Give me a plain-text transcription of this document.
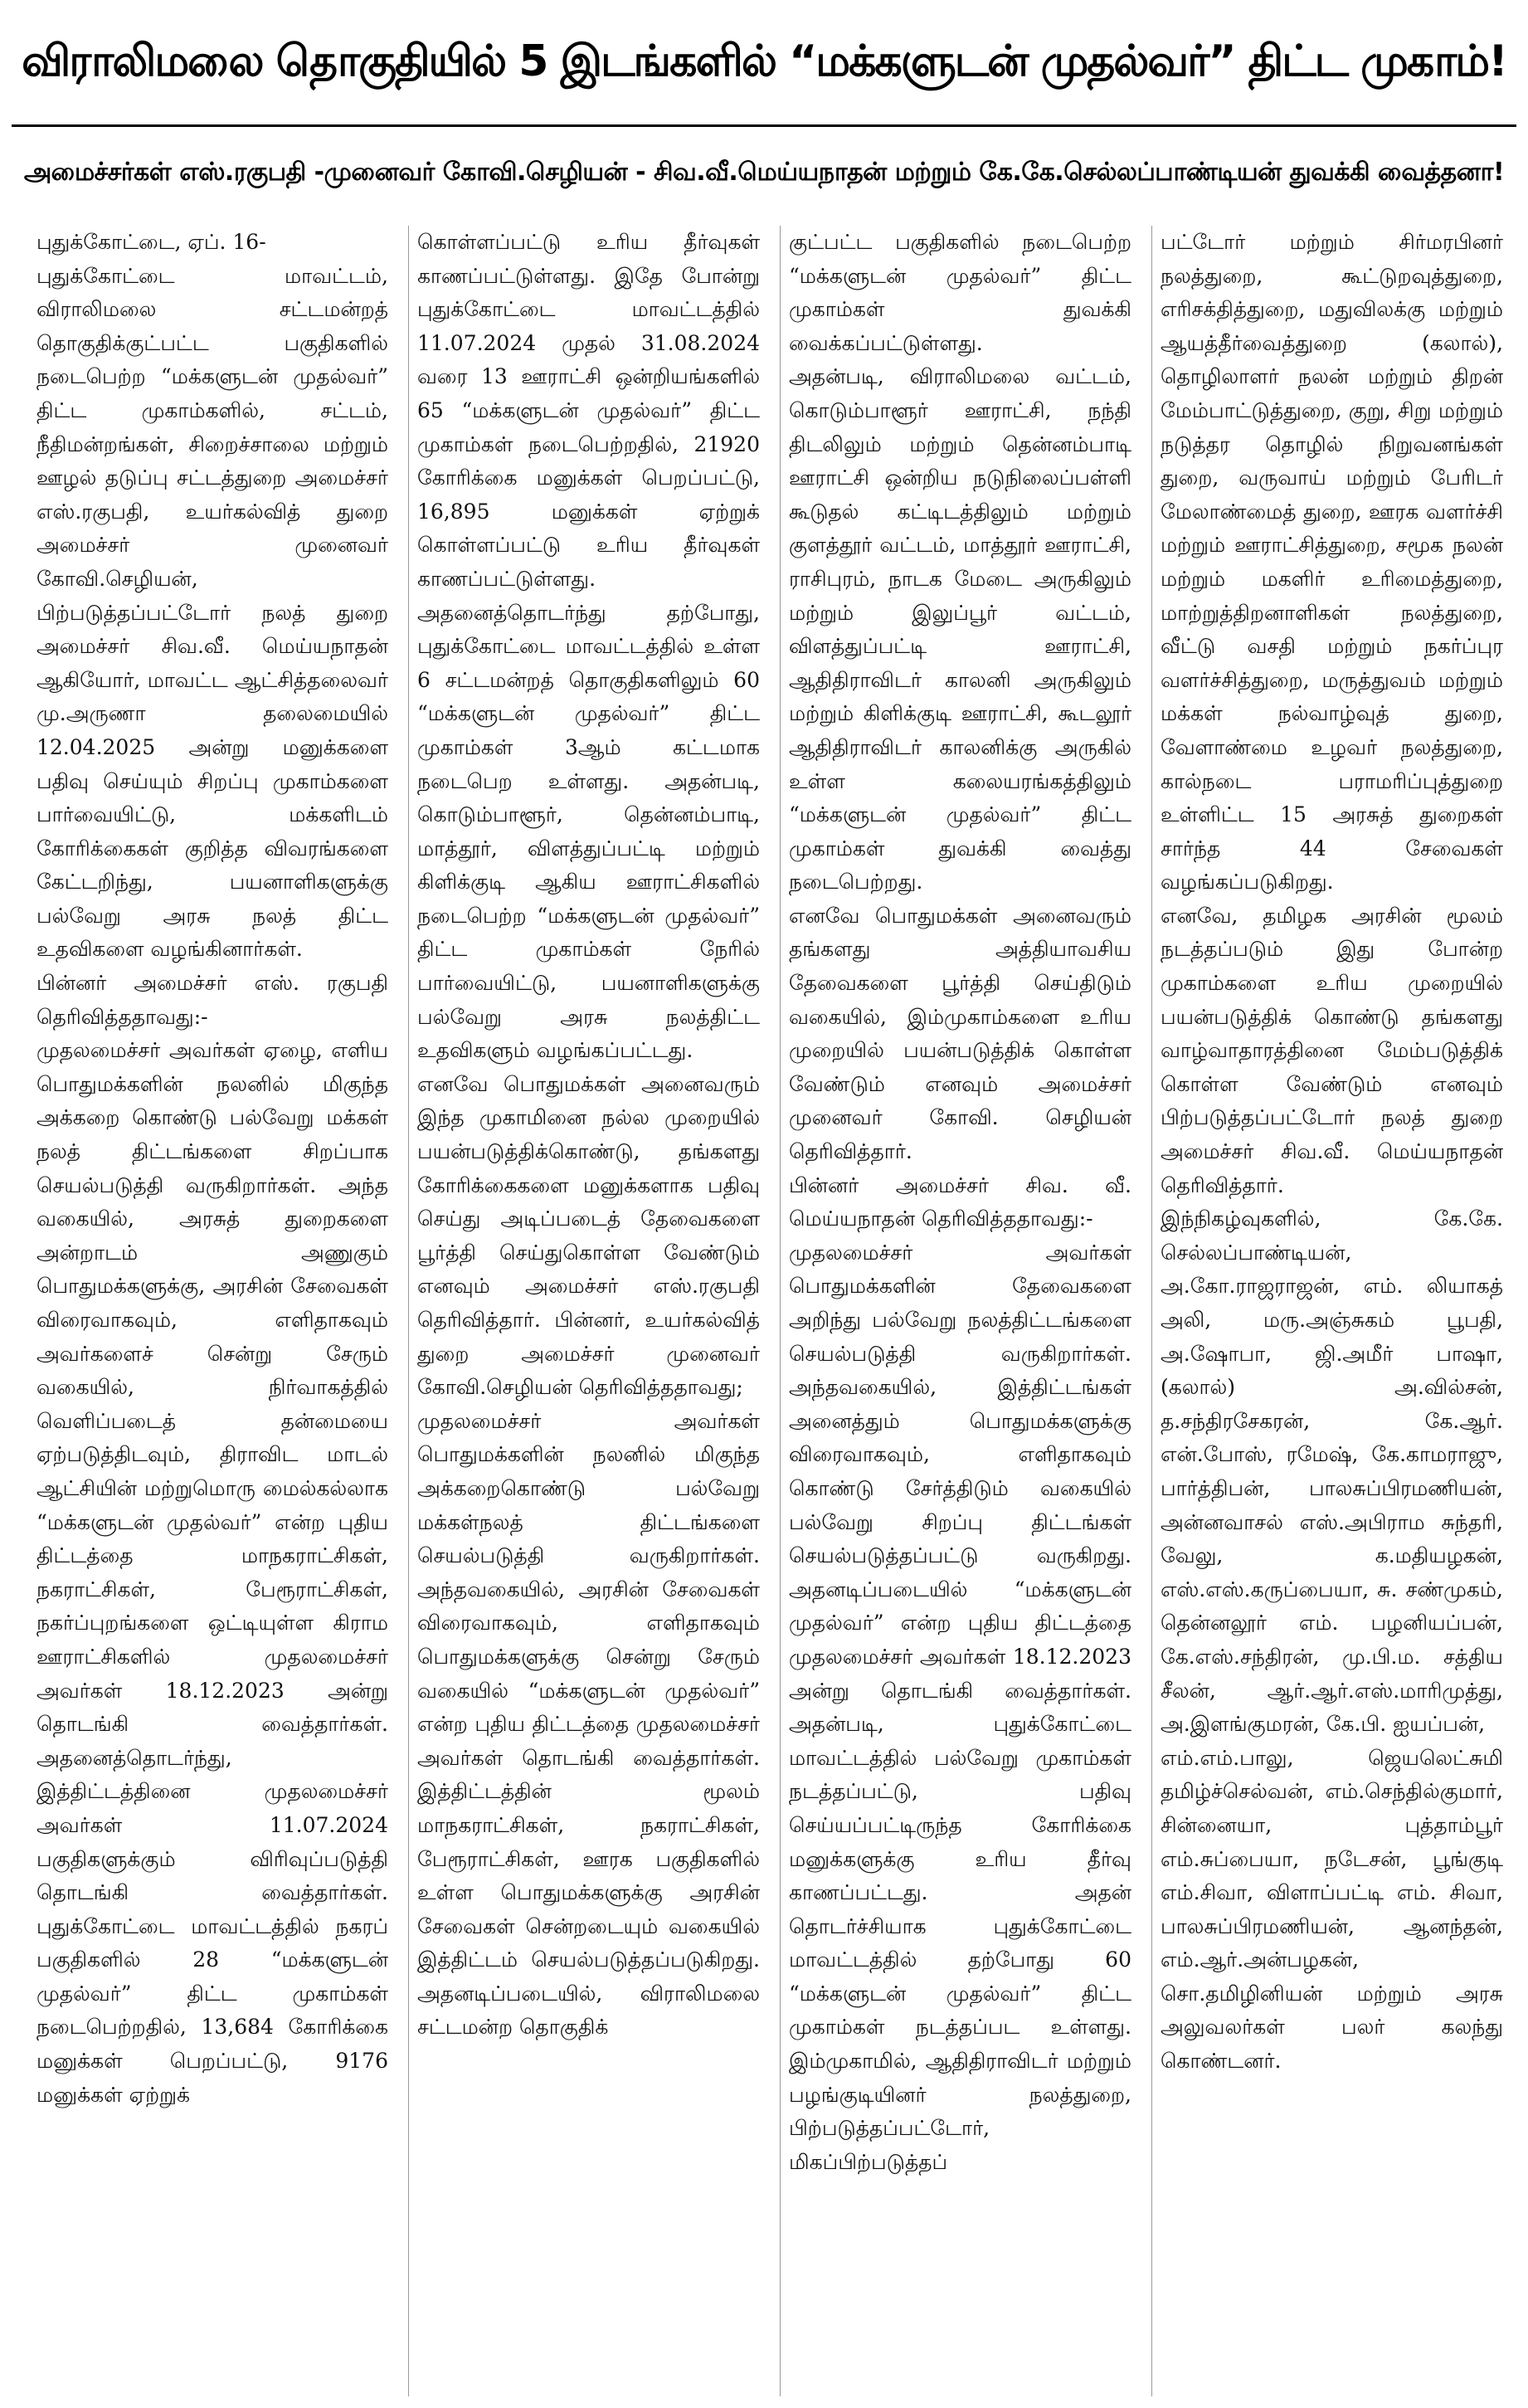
விராலிமலை தொகுதியில் 5 இடங்களில் “மக்களுடன் முதல்வர்” திட்ட முகாம்!
அமைச்சர்கள் எஸ்.ரகுபதி -முனைவர் கோவி.செழியன் - சிவ.வீ.மெய்யநாதன் மற்றும் கே.கே.செல்லப்பாண்டியன் துவக்கி வைத்தனா!

புதுக்கோட்டை, ஏப். 16-

புதுக்கோட்டை மாவட்டம், விராலிமலை சட்டமன்றத் தொகுதிக்குட்பட்ட பகுதிகளில் நடைபெற்ற “மக்களுடன் முதல்வர்” திட்ட முகாம்களில், சட்டம், நீதிமன்றங்கள், சிறைச்சாலை மற்றும் ஊழல் தடுப்பு சட்டத்துறை அமைச்சர் எஸ்.ரகுபதி, உயர்கல்வித் துறை அமைச்சர் முனைவர் கோவி.செழியன், பிற்படுத்தப்பட்டோர் நலத் துறை அமைச்சர் சிவ.வீ. மெய்யநாதன் ஆகியோர், மாவட்ட ஆட்சித்தலைவர் மு.அருணா தலைமையில் 12.04.2025 அன்று மனுக்களை பதிவு செய்யும் சிறப்பு முகாம்களை பார்வையிட்டு, மக்களிடம் கோரிக்கைகள் குறித்த விவரங்களை கேட்டறிந்து, பயனாளிகளுக்கு பல்வேறு அரசு நலத் திட்ட உதவிகளை வழங்கினார்கள்.

பின்னர் அமைச்சர் எஸ். ரகுபதி தெரிவித்ததாவது:-

முதலமைச்சர் அவர்கள் ஏழை, எளிய பொதுமக்களின் நலனில் மிகுந்த அக்கறை கொண்டு பல்வேறு மக்கள் நலத் திட்டங்களை சிறப்பாக செயல்படுத்தி வருகிறார்கள். அந்த வகையில், அரசுத் துறைகளை அன்றாடம் அணுகும் பொதுமக்களுக்கு, அரசின் சேவைகள் விரைவாகவும், எளிதாகவும் அவர்களைச் சென்று சேரும் வகையில், நிர்வாகத்தில் வெளிப்படைத் தன்மையை ஏற்படுத்திடவும், திராவிட மாடல் ஆட்சியின் மற்றுமொரு மைல்கல்லாக “மக்களுடன் முதல்வர்” என்ற புதிய திட்டத்தை மாநகராட்சிகள், நகராட்சிகள், பேரூராட்சிகள், நகர்ப்புறங்களை ஒட்டியுள்ள கிராம ஊராட்சிகளில் முதலமைச்சர் அவர்கள் 18.12.2023 அன்று தொடங்கி வைத்தார்கள். அதனைத்தொடர்ந்து, இத்திட்டத்தினை முதலமைச்சர் அவர்கள் 11.07.2024 பகுதிகளுக்கும் விரிவுப்படுத்தி தொடங்கி வைத்தார்கள். புதுக்கோட்டை மாவட்டத்தில் நகரப் பகுதிகளில் 28 “மக்களுடன் முதல்வர்” திட்ட முகாம்கள் நடைபெற்றதில், 13,684 கோரிக்கை மனுக்கள் பெறப்பட்டு, 9176 மனுக்கள் ஏற்றுக்

கொள்ளப்பட்டு உரிய தீர்வுகள் காணப்பட்டுள்ளது. இதே போன்று புதுக்கோட்டை மாவட்டத்தில் 11.07.2024 முதல் 31.08.2024 வரை 13 ஊராட்சி ஒன்றியங்களில் 65 “மக்களுடன் முதல்வர்” திட்ட முகாம்கள் நடைபெற்றதில், 21920 கோரிக்கை மனுக்கள் பெறப்பட்டு, 16,895 மனுக்கள் ஏற்றுக் கொள்ளப்பட்டு உரிய தீர்வுகள் காணப்பட்டுள்ளது.

அதனைத்தொடர்ந்து தற்போது, புதுக்கோட்டை மாவட்டத்தில் உள்ள 6 சட்டமன்றத் தொகுதிகளிலும் 60 “மக்களுடன் முதல்வர்” திட்ட முகாம்கள் 3ஆம் கட்டமாக நடைபெற உள்ளது. அதன்படி, கொடும்பாளூர், தென்னம்பாடி, மாத்தூர், விளத்துப்பட்டி மற்றும் கிளிக்குடி ஆகிய ஊராட்சிகளில் நடைபெற்ற “மக்களுடன் முதல்வர்” திட்ட முகாம்கள் நேரில் பார்வையிட்டு, பயனாளிகளுக்கு பல்வேறு அரசு நலத்திட்ட உதவிகளும் வழங்கப்பட்டது.

எனவே பொதுமக்கள் அனைவரும் இந்த முகாமினை நல்ல முறையில் பயன்படுத்திக்கொண்டு, தங்களது கோரிக்கைகளை மனுக்களாக பதிவு செய்து அடிப்படைத் தேவைகளை பூர்த்தி செய்துகொள்ள வேண்டும் எனவும் அமைச்சர் எஸ்.ரகுபதி தெரிவித்தார். பின்னர், உயர்கல்வித் துறை அமைச்சர் முனைவர் கோவி.செழியன் தெரிவித்ததாவது;

முதலமைச்சர் அவர்கள் பொதுமக்களின் நலனில் மிகுந்த அக்கறைகொண்டு பல்வேறு மக்கள்நலத் திட்டங்களை செயல்படுத்தி வருகிறார்கள். அந்தவகையில், அரசின் சேவைகள் விரைவாகவும், எளிதாகவும் பொதுமக்களுக்கு சென்று சேரும் வகையில் “மக்களுடன் முதல்வர்” என்ற புதிய திட்டத்தை முதலமைச்சர் அவர்கள் தொடங்கி வைத்தார்கள். இத்திட்டத்தின் மூலம் மாநகராட்சிகள், நகராட்சிகள், பேரூராட்சிகள், ஊரக பகுதிகளில் உள்ள பொதுமக்களுக்கு அரசின் சேவைகள் சென்றடையும் வகையில் இத்திட்டம் செயல்படுத்தப்படுகிறது. அதனடிப்படையில், விராலிமலை சட்டமன்ற தொகுதிக்

குட்பட்ட பகுதிகளில் நடைபெற்ற “மக்களுடன் முதல்வர்” திட்ட முகாம்கள் துவக்கி வைக்கப்பட்டுள்ளது.

அதன்படி, விராலிமலை வட்டம், கொடும்பாளூர் ஊராட்சி, நந்தி திடலிலும் மற்றும் தென்னம்பாடி ஊராட்சி ஒன்றிய நடுநிலைப்பள்ளி கூடுதல் கட்டிடத்திலும் மற்றும் குளத்தூர் வட்டம், மாத்தூர் ஊராட்சி, ராசிபுரம், நாடக மேடை அருகிலும் மற்றும் இலுப்பூர் வட்டம், விளத்துப்பட்டி ஊராட்சி, ஆதிதிராவிடர் காலனி அருகிலும் மற்றும் கிளிக்குடி ஊராட்சி, கூடலூர் ஆதிதிராவிடர் காலனிக்கு அருகில் உள்ள கலையரங்கத்திலும் “மக்களுடன் முதல்வர்” திட்ட முகாம்கள் துவக்கி வைத்து நடைபெற்றது.

எனவே பொதுமக்கள் அனைவரும் தங்களது அத்தியாவசிய தேவைகளை பூர்த்தி செய்திடும் வகையில், இம்முகாம்களை உரிய முறையில் பயன்படுத்திக் கொள்ள வேண்டும் எனவும் அமைச்சர் முனைவர் கோவி. செழியன் தெரிவித்தார்.

பின்னர் அமைச்சர் சிவ. வீ. மெய்யநாதன் தெரிவித்ததாவது:-

முதலமைச்சர் அவர்கள் பொதுமக்களின் தேவைகளை அறிந்து பல்வேறு நலத்திட்டங்களை செயல்படுத்தி வருகிறார்கள். அந்தவகையில், இத்திட்டங்கள் அனைத்தும் பொதுமக்களுக்கு விரைவாகவும், எளிதாகவும் கொண்டு சேர்த்திடும் வகையில் பல்வேறு சிறப்பு திட்டங்கள் செயல்படுத்தப்பட்டு வருகிறது. அதனடிப்படையில் “மக்களுடன் முதல்வர்” என்ற புதிய திட்டத்தை முதலமைச்சர் அவர்கள் 18.12.2023 அன்று தொடங்கி வைத்தார்கள். அதன்படி, புதுக்கோட்டை மாவட்டத்தில் பல்வேறு முகாம்கள் நடத்தப்பட்டு, பதிவு செய்யப்பட்டிருந்த கோரிக்கை மனுக்களுக்கு உரிய தீர்வு காணப்பட்டது. அதன் தொடர்ச்சியாக புதுக்கோட்டை மாவட்டத்தில் தற்போது 60 “மக்களுடன் முதல்வர்” திட்ட முகாம்கள் நடத்தப்பட உள்ளது. இம்முகாமில், ஆதிதிராவிடர் மற்றும் பழங்குடியினர் நலத்துறை, பிற்படுத்தப்பட்டோர், மிகப்பிற்படுத்தப்

பட்டோர் மற்றும் சிர்மரபினர் நலத்துறை, கூட்டுறவுத்துறை, எரிசக்தித்துறை, மதுவிலக்கு மற்றும் ஆயத்தீர்வைத்துறை (கலால்), தொழிலாளர் நலன் மற்றும் திறன் மேம்பாட்டுத்துறை, குறு, சிறு மற்றும் நடுத்தர தொழில் நிறுவனங்கள் துறை, வருவாய் மற்றும் பேரிடர் மேலாண்மைத் துறை, ஊரக வளர்ச்சி மற்றும் ஊராட்சித்துறை, சமூக நலன் மற்றும் மகளிர் உரிமைத்துறை, மாற்றுத்திறனாளிகள் நலத்துறை, வீட்டு வசதி மற்றும் நகர்ப்புர வளர்ச்சித்துறை, மருத்துவம் மற்றும் மக்கள் நல்வாழ்வுத் துறை, வேளாண்மை உழவர் நலத்துறை, கால்நடை பராமரிப்புத்துறை உள்ளிட்ட 15 அரசுத் துறைகள் சார்ந்த 44 சேவைகள் வழங்கப்படுகிறது.

எனவே, தமிழக அரசின் மூலம் நடத்தப்படும் இது போன்ற முகாம்களை உரிய முறையில் பயன்படுத்திக் கொண்டு தங்களது வாழ்வாதாரத்தினை மேம்படுத்திக் கொள்ள வேண்டும் எனவும் பிற்படுத்தப்பட்டோர் நலத் துறை அமைச்சர் சிவ.வீ. மெய்யநாதன் தெரிவித்தார்.

இந்நிகழ்வுகளில், கே.கே. செல்லப்பாண்டியன், அ.கோ.ராஜராஜன், எம். லியாகத் அலி, மரு.அஞ்சுகம் பூபதி, அ.ஷோபா, ஜி.அமீர் பாஷா, (கலால்) அ.வில்சன், த.சந்திரசேகரன், கே.ஆர். என்.போஸ், ரமேஷ், கே.காமராஜு, பார்த்திபன், பாலசுப்பிரமணியன், அன்னவாசல் எஸ்.அபிராம சுந்தரி, வேலு, க.மதியழகன், எஸ்.எஸ்.கருப்பையா, சு. சண்முகம், தென்னலூர் எம். பழனியப்பன், கே.எஸ்.சந்திரன், மு.பி.ம. சத்திய சீலன், ஆர்.ஆர்.எஸ்.மாரிமுத்து, அ.இளங்குமரன், கே.பி. ஐயப்பன்,

எம்.எம்.பாலு, ஜெயலெட்சுமி தமிழ்ச்செல்வன், எம்.செந்தில்குமார், சின்னையா, புத்தாம்பூர் எம்.சுப்பையா, நடேசன், பூங்குடி எம்.சிவா, விளாப்பட்டி எம். சிவா, பாலசுப்பிரமணியன், ஆனந்தன், எம்.ஆர்.அன்பழகன், சொ.தமிழினியன் மற்றும் அரசு அலுவலர்கள் பலர் கலந்து கொண்டனர்.
